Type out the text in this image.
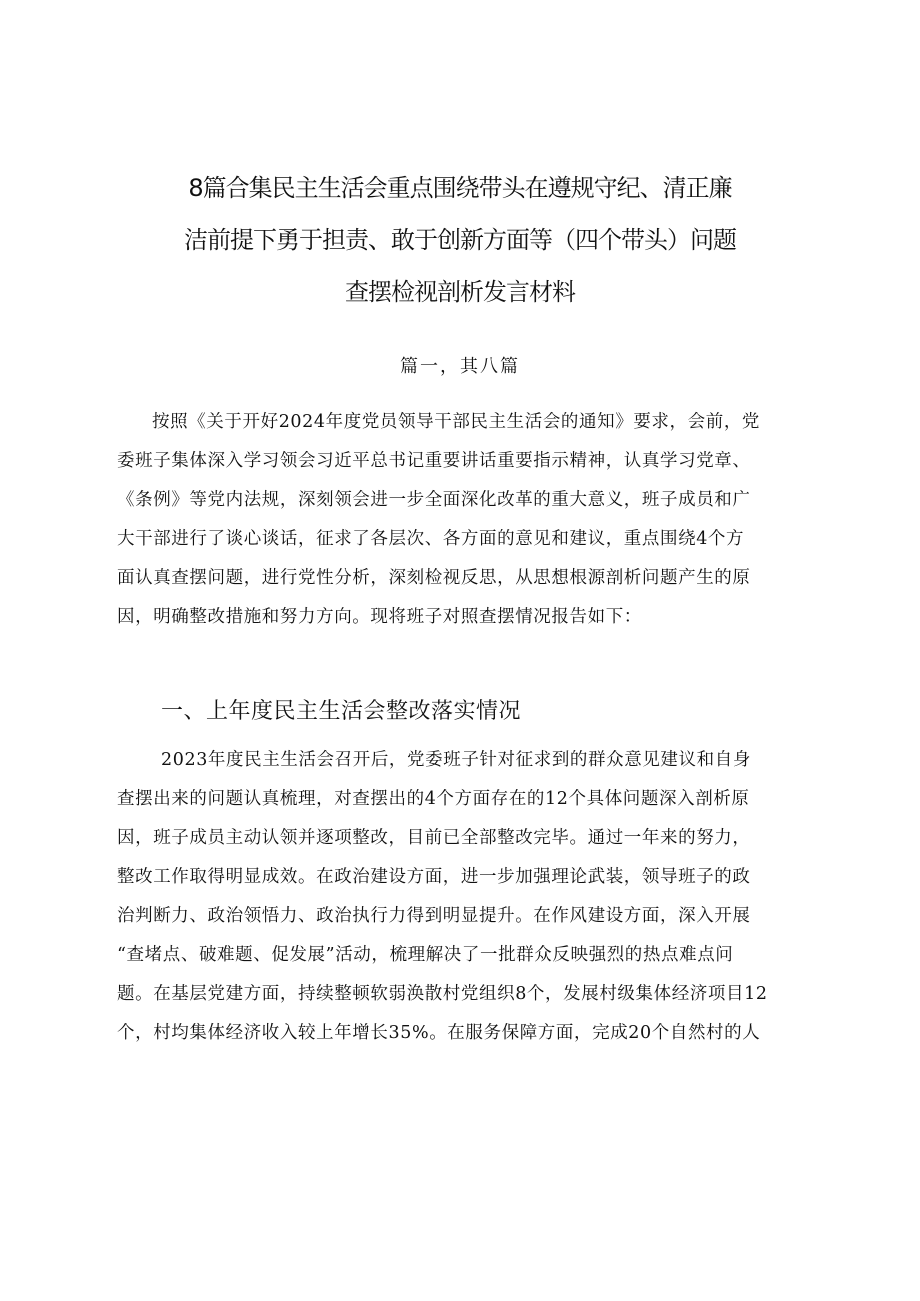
8篇合集民主生活会重点围绕带头在遵规守纪、清正廉
洁前提下勇于担责、敢于创新方面等（四个带头）问题
查摆检视剖析发言材料
篇一，其八篇
按照《关于开好2024年度党员领导干部民主生活会的通知》要求，会前，党
委班子集体深入学习领会习近平总书记重要讲话重要指示精神，认真学习党章、
《条例》等党内法规，深刻领会进一步全面深化改革的重大意义，班子成员和广
大干部进行了谈心谈话，征求了各层次、各方面的意见和建议，重点围绕4个方
面认真查摆问题，进行党性分析，深刻检视反思，从思想根源剖析问题产生的原
因，明确整改措施和努力方向。现将班子对照查摆情况报告如下：
一、上年度民主生活会整改落实情况
2023年度民主生活会召开后，党委班子针对征求到的群众意见建议和自身
查摆出来的问题认真梳理，对查摆出的4个方面存在的12个具体问题深入剖析原
因，班子成员主动认领并逐项整改，目前已全部整改完毕。通过一年来的努力，
整改工作取得明显成效。在政治建设方面，进一步加强理论武装，领导班子的政
治判断力、政治领悟力、政治执行力得到明显提升。在作风建设方面，深入开展
“查堵点、破难题、促发展”活动，梳理解决了一批群众反映强烈的热点难点问
题。在基层党建方面，持续整顿软弱涣散村党组织8个，发展村级集体经济项目12
个，村均集体经济收入较上年增长35%。在服务保障方面，完成20个自然村的人
